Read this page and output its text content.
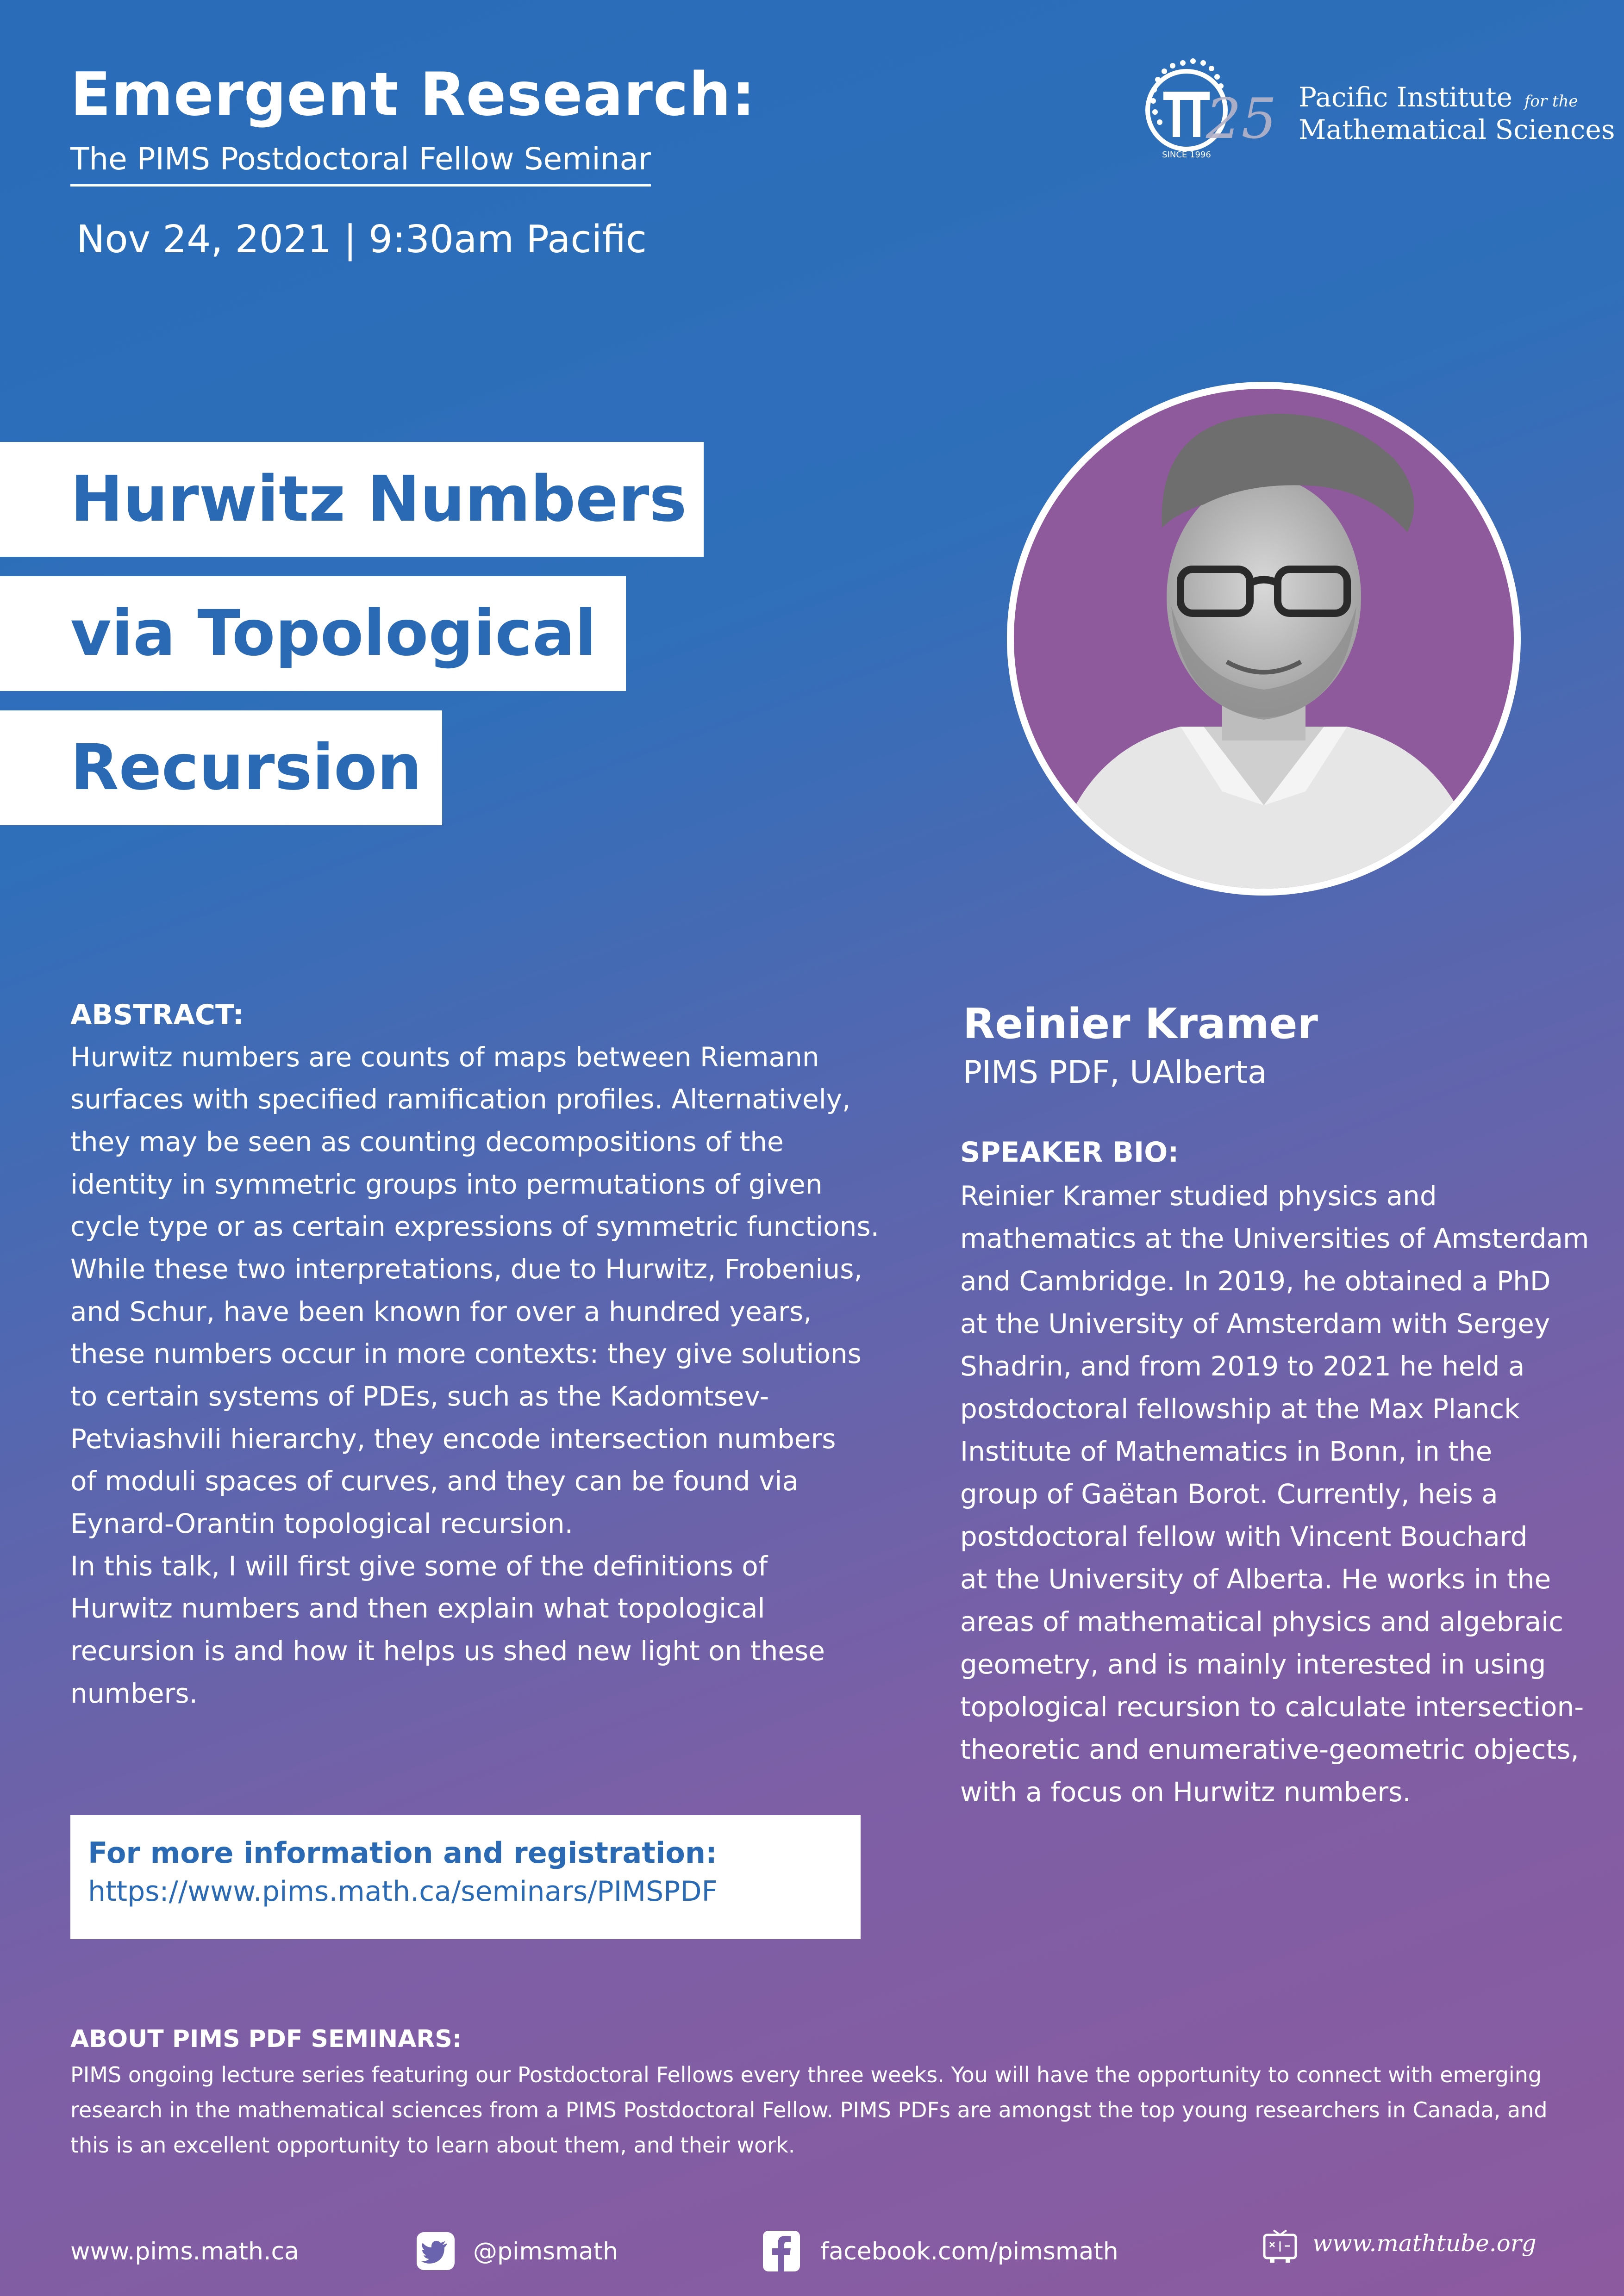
Emergent Research:
The PIMS Postdoctoral Fellow Seminar
Nov 24, 2021 | 9:30am Pacific
SINCE 1996
25 Pacific Institute for the
Mathematical Sciences
Hurwitz Numbers
via Topological
Recursion
ABSTRACT:
Hurwitz numbers are counts of maps between Riemann
surfaces with specified ramification profiles. Alternatively,
they may be seen as counting decompositions of the
identity in symmetric groups into permutations of given
cycle type or as certain expressions of symmetric functions.
While these two interpretations, due to Hurwitz, Frobenius,
and Schur, have been known for over a hundred years,
these numbers occur in more contexts: they give solutions
to certain systems of PDEs, such as the Kadomtsev-
Petviashvili hierarchy, they encode intersection numbers
of moduli spaces of curves, and they can be found via
Eynard-Orantin topological recursion.
In this talk, I will first give some of the definitions of
Hurwitz numbers and then explain what topological
recursion is and how it helps us shed new light on these
numbers.
Reinier Kramer
PIMS PDF, UAlberta
SPEAKER BIO:
Reinier Kramer studied physics and
mathematics at the Universities of Amsterdam
and Cambridge. In 2019, he obtained a PhD
at the University of Amsterdam with Sergey
Shadrin, and from 2019 to 2021 he held a
postdoctoral fellowship at the Max Planck
Institute of Mathematics in Bonn, in the
group of Gaëtan Borot. Currently, heis a
postdoctoral fellow with Vincent Bouchard
at the University of Alberta. He works in the
areas of mathematical physics and algebraic
geometry, and is mainly interested in using
topological recursion to calculate intersection-
theoretic and enumerative-geometric objects,
with a focus on Hurwitz numbers.
For more information and registration:
https://www.pims.math.ca/seminars/PIMSPDF
ABOUT PIMS PDF SEMINARS:
PIMS ongoing lecture series featuring our Postdoctoral Fellows every three weeks. You will have the opportunity to connect with emerging
research in the mathematical sciences from a PIMS Postdoctoral Fellow. PIMS PDFs are amongst the top young researchers in Canada, and
this is an excellent opportunity to learn about them, and their work.
www.pims.math.ca	@pimsmath	facebook.com/pimsmath	www.mathtube.org
